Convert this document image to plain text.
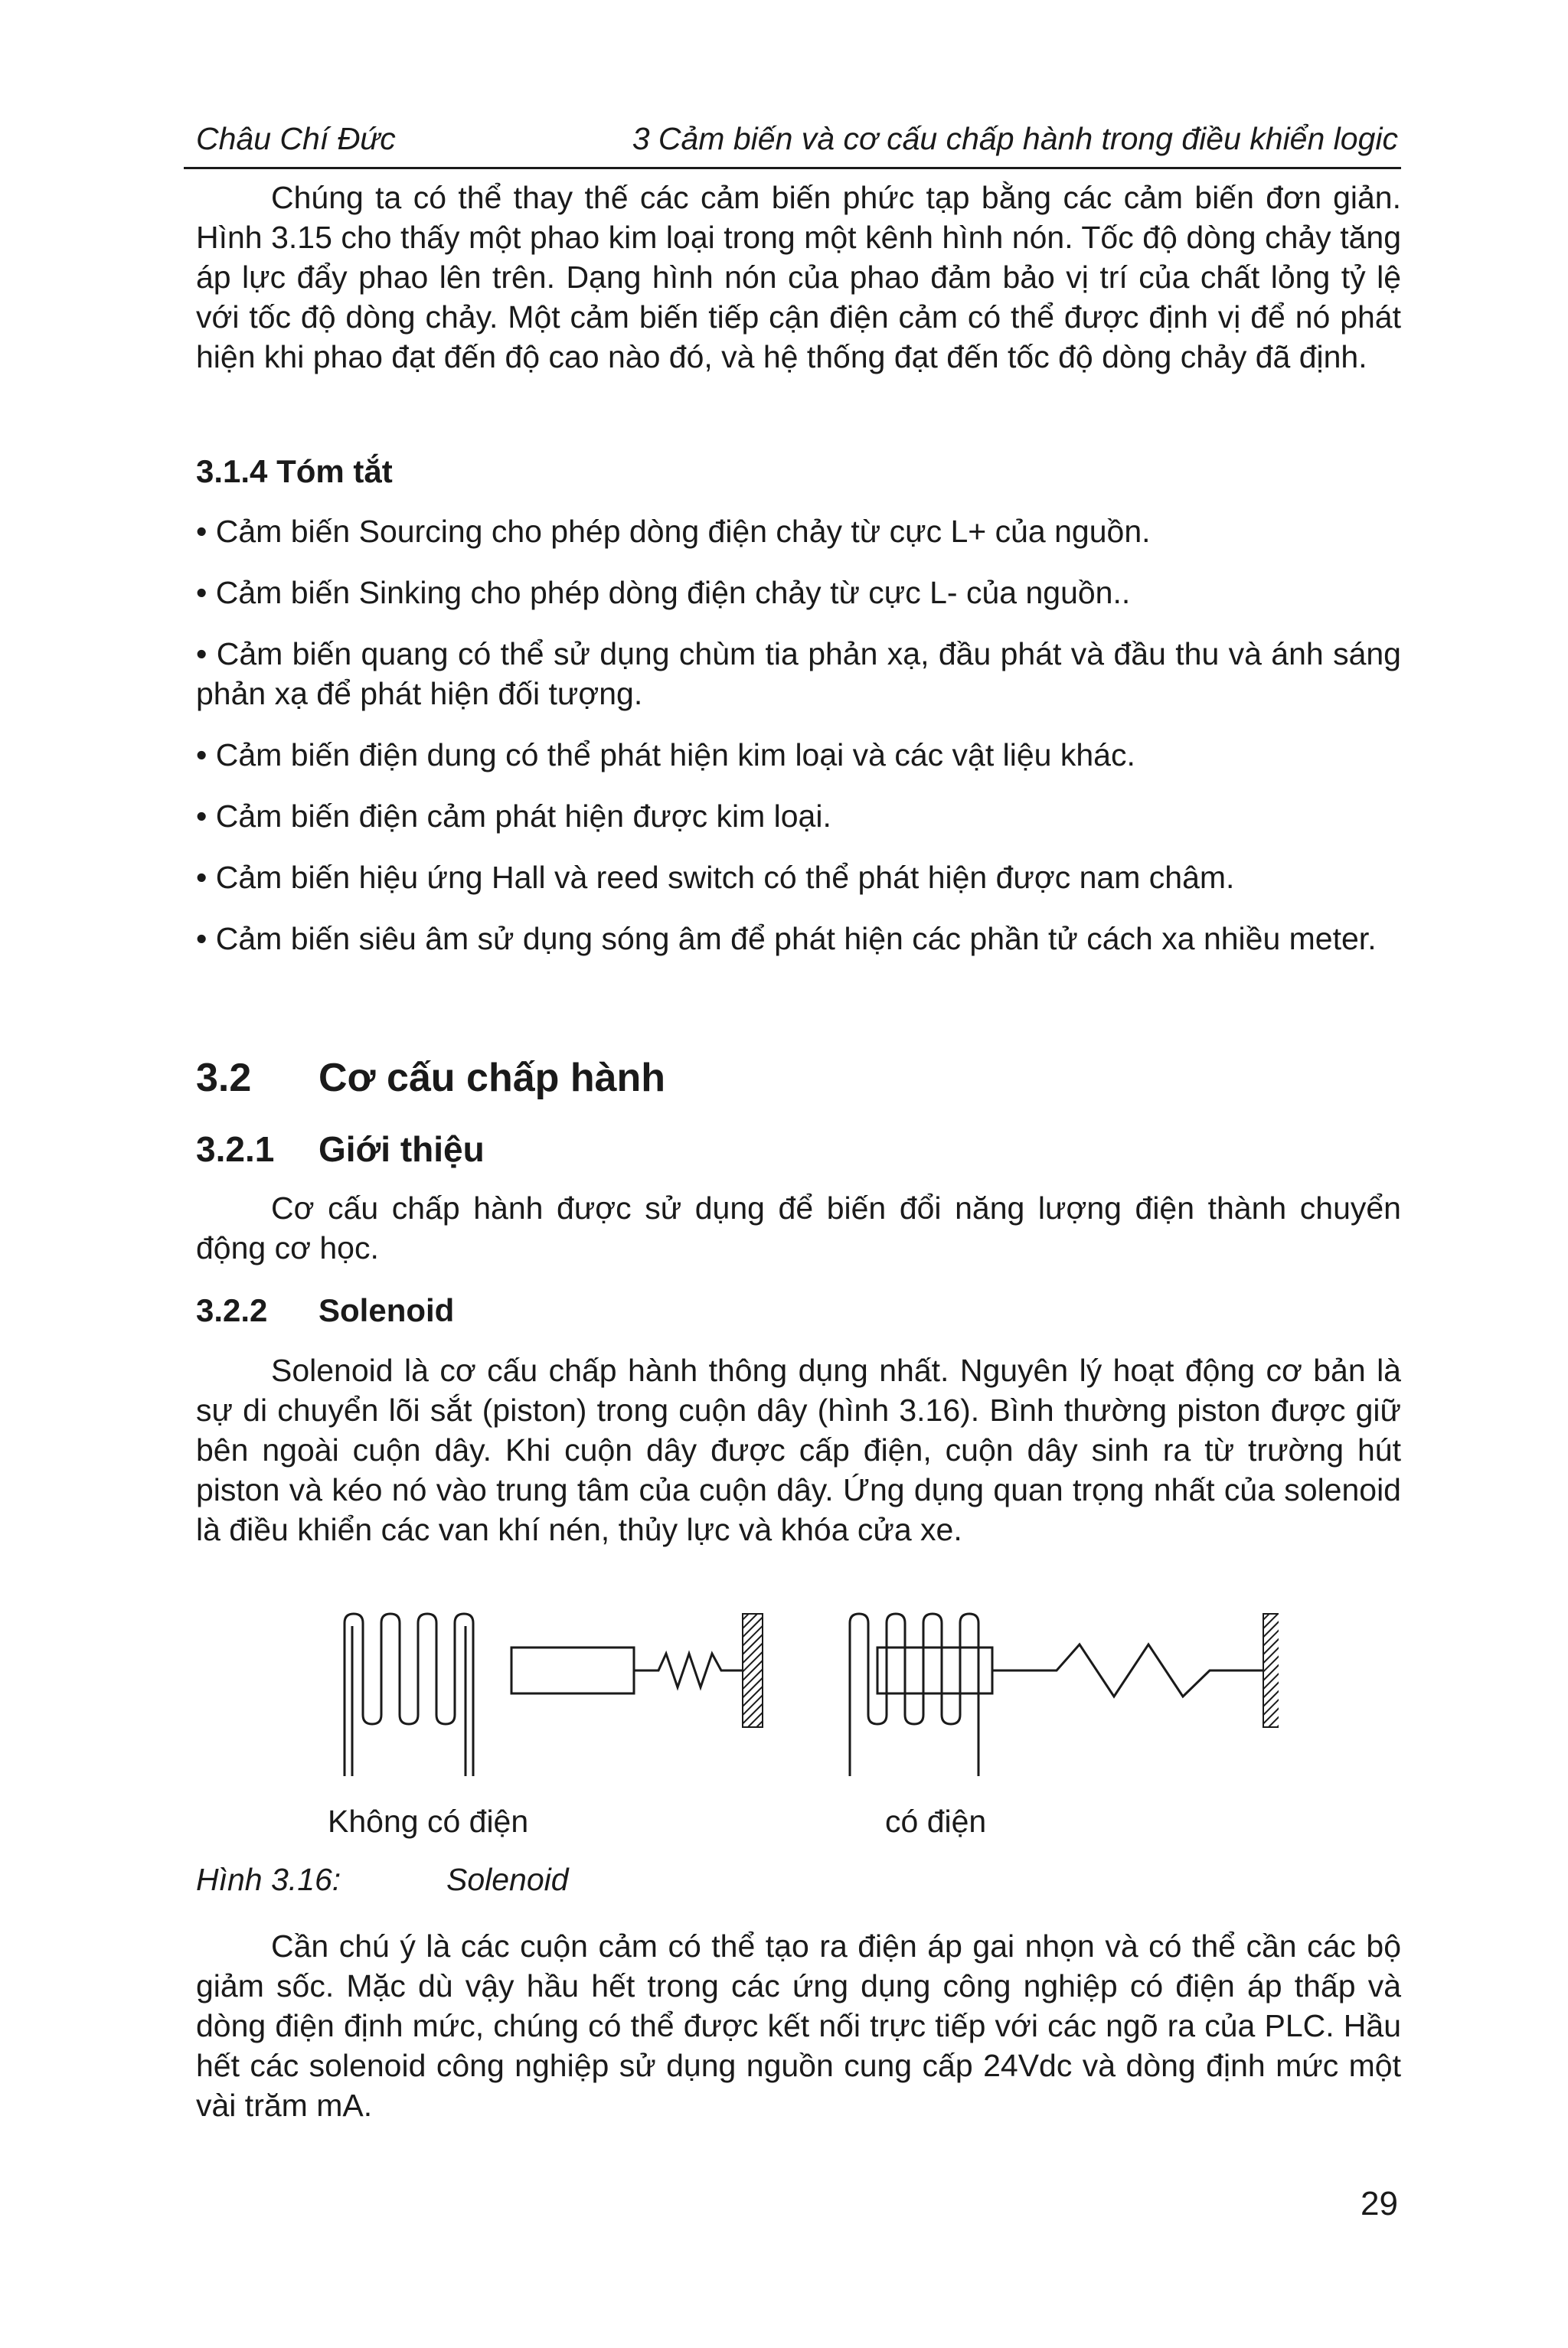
Châu Chí Đức	3 Cảm biến và cơ cấu chấp hành trong điều khiển logic

Chúng ta có thể thay thế các cảm biến phức tạp bằng các cảm biến đơn giản. Hình 3.15 cho thấy một phao kim loại trong một kênh hình nón. Tốc độ dòng chảy tăng áp lực đẩy phao lên trên. Dạng hình nón của phao đảm bảo vị trí của chất lỏng tỷ lệ với tốc độ dòng chảy. Một cảm biến tiếp cận điện cảm có thể được định vị để nó phát hiện khi phao đạt đến độ cao nào đó, và hệ thống đạt đến tốc độ dòng chảy đã định.

3.1.4 Tóm tắt
• Cảm biến Sourcing cho phép dòng điện chảy từ cực L+ của nguồn.
• Cảm biến Sinking cho phép dòng điện chảy từ cực L- của nguồn..
• Cảm biến quang có thể sử dụng chùm tia phản xạ, đầu phát và đầu thu và ánh sáng phản xạ để phát hiện đối tượng.
• Cảm biến điện dung có thể phát hiện kim loại và các vật liệu khác.
• Cảm biến điện cảm phát hiện được kim loại.
• Cảm biến hiệu ứng Hall và reed switch có thể phát hiện được nam châm.
• Cảm biến siêu âm sử dụng sóng âm để phát hiện các phần tử cách xa nhiều meter.
3.2 Cơ cấu chấp hành
3.2.1 Giới thiệu

Cơ cấu chấp hành được sử dụng để biến đổi năng lượng điện thành chuyển động cơ học.

3.2.2 Solenoid

Solenoid là cơ cấu chấp hành thông dụng nhất. Nguyên lý hoạt động cơ bản là sự di chuyển lõi sắt (piston) trong cuộn dây (hình 3.16). Bình thường piston được giữ bên ngoài cuộn dây. Khi cuộn dây được cấp điện, cuộn dây sinh ra từ trường hút piston và kéo nó vào trung tâm của cuộn dây. Ứng dụng quan trọng nhất của solenoid là điều khiển các van khí nén, thủy lực và khóa cửa xe.

Không có điện	có điện
Hình 3.16:	Solenoid

Cần chú ý là các cuộn cảm có thể tạo ra điện áp gai nhọn và có thể cần các bộ giảm sốc. Mặc dù vậy hầu hết trong các ứng dụng công nghiệp có điện áp thấp và dòng điện định mức, chúng có thể được kết nối trực tiếp với các ngõ ra của PLC. Hầu hết các solenoid công nghiệp sử dụng nguồn cung cấp 24Vdc và dòng định mức một vài trăm mA.

29
